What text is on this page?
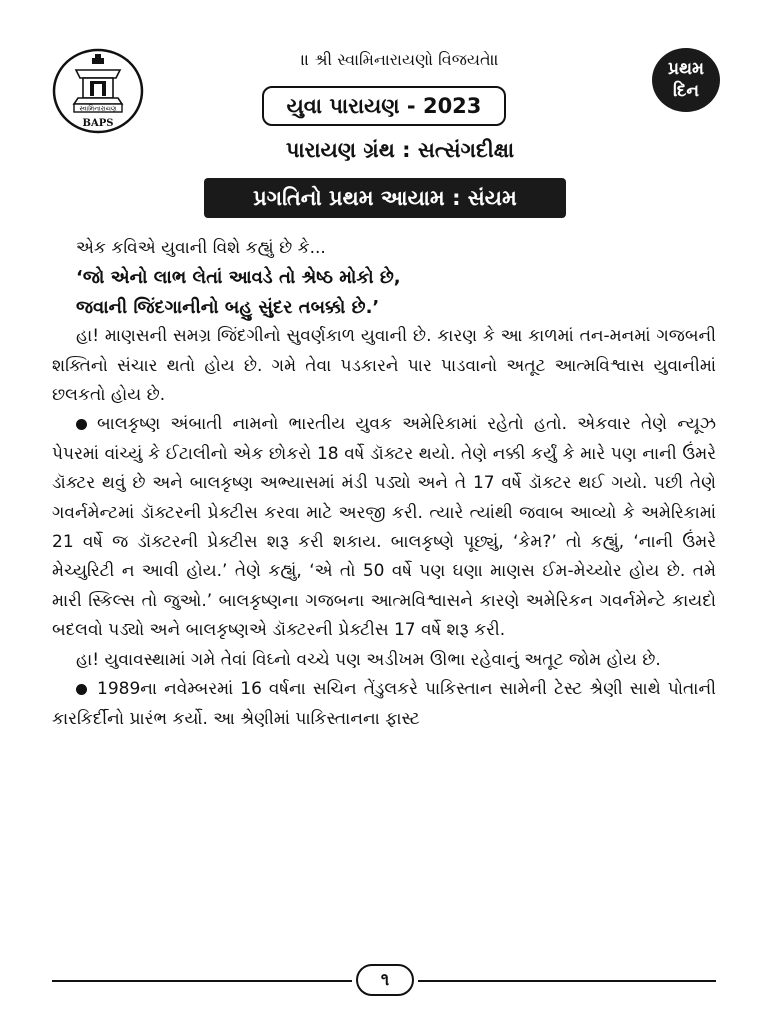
સ્વામિનારાયણ
BAPS
॥ શ્રી સ્વામિનારાયણો વિજયતે॥	પ્રથમ
દિન
યુવા પારાયણ - 2023
પારાયણ ગ્રંથ : સત્સંગદીક્ષા
પ્રગતિનો પ્રથમ આયામ : સંયમ

એક કવિએ યુવાની વિશે કહ્યું છે કે...

‘જો એનો લાભ લેતાં આવડે તો શ્રેષ્ઠ મોકો છે,

જવાની જિંદગાનીનો બહુ સુંદર તબક્કો છે.’

હા! માણસની સમગ્ર જિંદગીનો સુવર્ણકાળ યુવાની છે. કારણ કે આ કાળમાં તન-મનમાં ગજબની શક્તિનો સંચાર થતો હોય છે. ગમે તેવા પડકારને પાર પાડવાનો અતૂટ આત્મવિશ્વાસ યુવાનીમાં છલકતો હોય છે.

બાલકૃષ્ણ અંબાતી નામનો ભારતીય યુવક અમેરિકામાં રહેતો હતો. એકવાર તેણે ન્યૂઝ પેપરમાં વાંચ્યું કે ઈટાલીનો એક છોકરો 18 વર્ષે ડૉક્ટર થયો. તેણે નક્કી કર્યું કે મારે પણ નાની ઉંમરે ડૉક્ટર થવું છે અને બાલકૃષ્ણ અભ્યાસમાં મંડી પડ્યો અને તે 17 વર્ષે ડૉક્ટર થઈ ગયો. પછી તેણે ગવર્નમેન્ટમાં ડૉક્ટરની પ્રેક્ટીસ કરવા માટે અરજી કરી. ત્યારે ત્યાંથી જવાબ આવ્યો કે અમેરિકામાં 21 વર્ષે જ ડૉક્ટરની પ્રેક્ટીસ શરૂ કરી શકાય. બાલકૃષ્ણે પૂછ્યું, ‘કેમ?’ તો કહ્યું, ‘નાની ઉંમરે મેચ્યુરિટી ન આવી હોય.’ તેણે કહ્યું, ‘એ તો 50 વર્ષે પણ ઘણા માણસ ઈમ-મેચ્યોર હોય છે. તમે મારી સ્કિલ્સ તો જુઓ.’ બાલકૃષ્ણના ગજબના આત્મવિશ્વાસને કારણે અમેરિકન ગવર્નમેન્ટે કાયદો બદલવો પડ્યો અને બાલકૃષ્ણએ ડૉક્ટરની પ્રેક્ટીસ 17 વર્ષે શરૂ કરી.

હા! યુવાવસ્થામાં ગમે તેવાં વિઘ્નો વચ્ચે પણ અડીખમ ઊભા રહેવાનું અતૂટ જોમ હોય છે.

1989ના નવેમ્બરમાં 16 વર્ષના સચિન તેંડુલકરે પાકિસ્તાન સામેની ટેસ્ટ શ્રેણી સાથે પોતાની કારકિર્દીનો પ્રારંભ કર્યો. આ શ્રેણીમાં પાકિસ્તાનના ફાસ્ટ

૧
